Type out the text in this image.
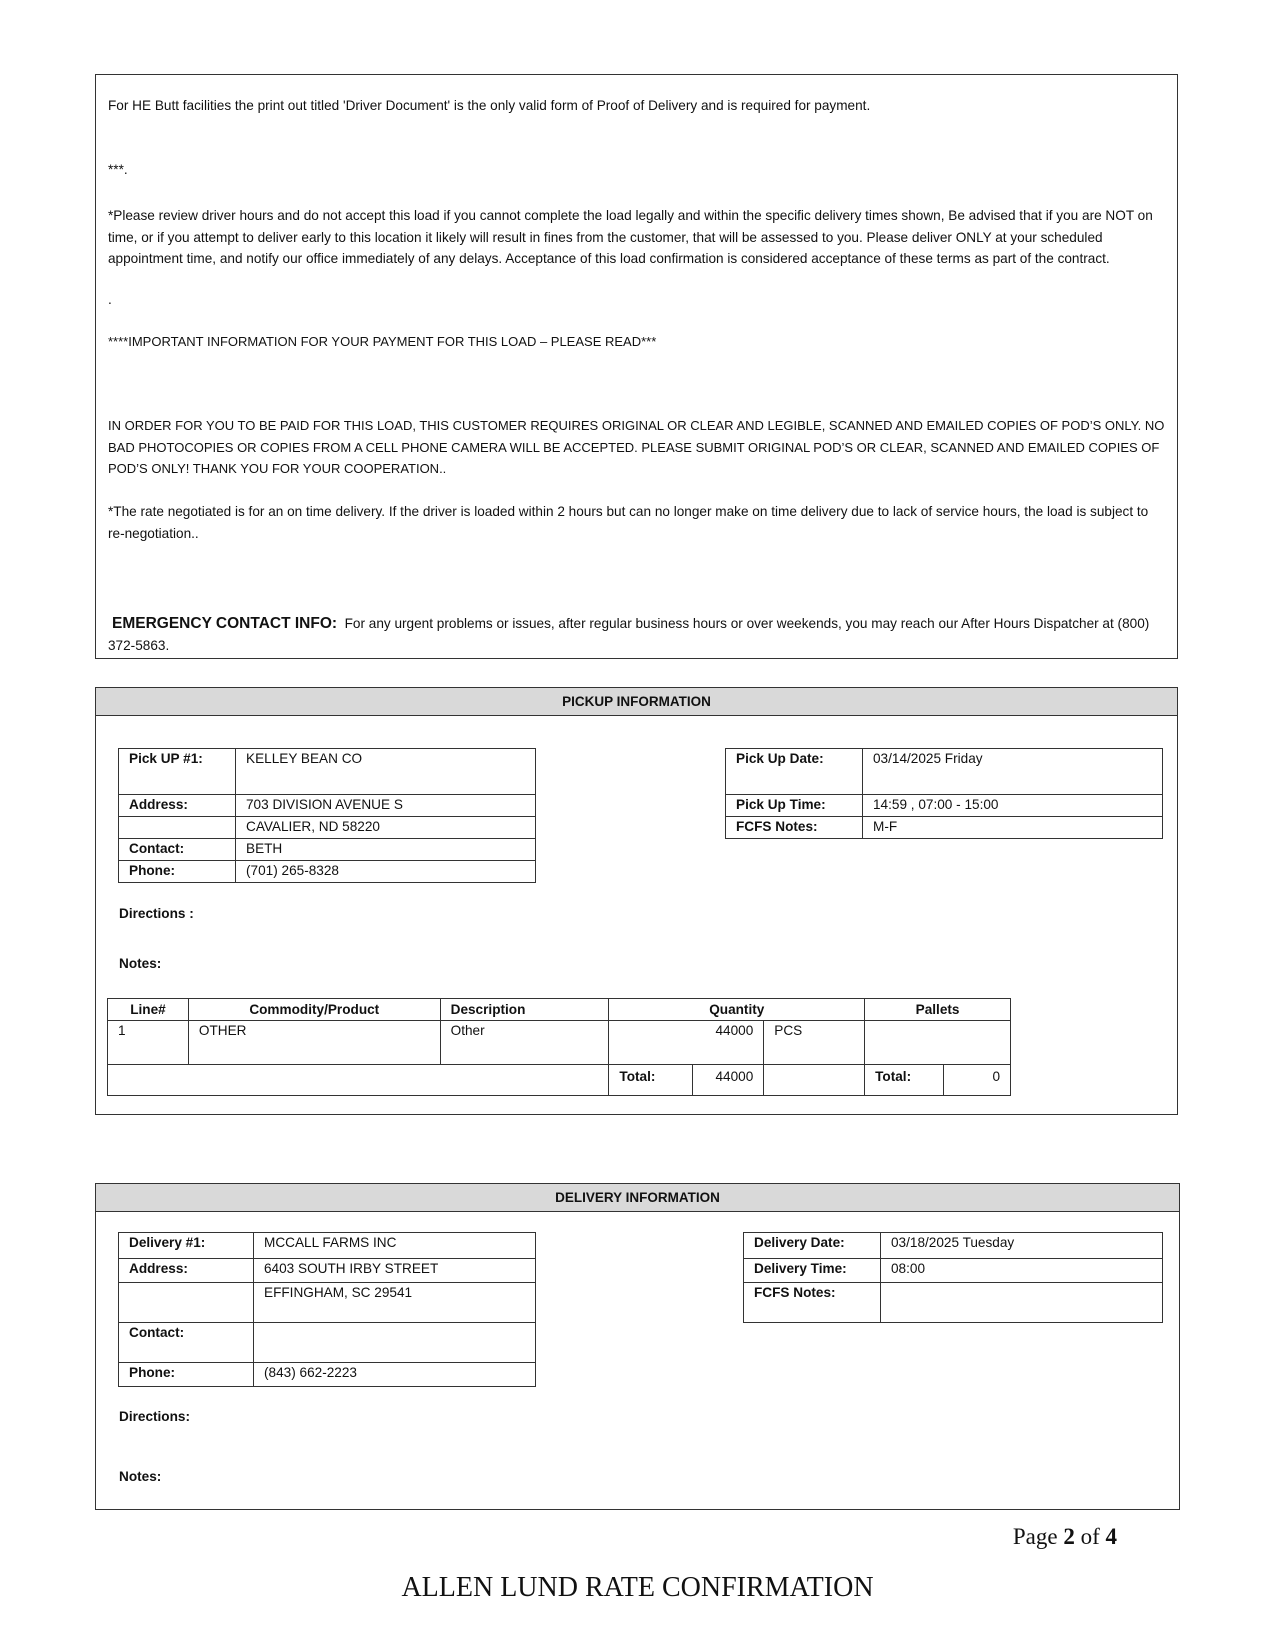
For HE Butt facilities the print out titled 'Driver Document' is the only valid form of Proof of Delivery and is required for payment.

***.

*Please review driver hours and do not accept this load if you cannot complete the load legally and within the specific delivery times shown, Be advised that if you are NOT on time, or if you attempt to deliver early to this location it likely will result in fines from the customer, that will be assessed to you. Please deliver ONLY at your scheduled appointment time, and notify our office immediately of any delays. Acceptance of this load confirmation is considered acceptance of these terms as part of the contract.

.

****IMPORTANT INFORMATION FOR YOUR PAYMENT FOR THIS LOAD – PLEASE READ***

IN ORDER FOR YOU TO BE PAID FOR THIS LOAD, THIS CUSTOMER REQUIRES ORIGINAL OR CLEAR AND LEGIBLE, SCANNED AND EMAILED COPIES OF POD’S ONLY. NO BAD PHOTOCOPIES OR COPIES FROM A CELL PHONE CAMERA WILL BE ACCEPTED. PLEASE SUBMIT ORIGINAL POD’S OR CLEAR, SCANNED AND EMAILED COPIES OF POD’S ONLY! THANK YOU FOR YOUR COOPERATION..

*The rate negotiated is for an on time delivery. If the driver is loaded within 2 hours but can no longer make on time delivery due to lack of service hours, the load is subject to re-negotiation..

EMERGENCY CONTACT INFO: For any urgent problems or issues, after regular business hours or over weekends, you may reach our After Hours Dispatcher at (800) 372-5863.

PICKUP INFORMATION
Pick UP #1:	KELLEY BEAN CO
Address:	703 DIVISION AVENUE S
	CAVALIER, ND 58220
Contact:	BETH
Phone:	(701) 265-8328
Pick Up Date:	03/14/2025 Friday
Pick Up Time:	14:59 , 07:00 - 15:00
FCFS Notes:	M-F
Directions :
Notes:
Line#	Commodity/Product	Description	Quantity			Pallets	
1	OTHER	Other	44000		PCS		
			Total:	44000		Total:	0
DELIVERY INFORMATION
Delivery #1:	MCCALL FARMS INC
Address:	6403 SOUTH IRBY STREET
	EFFINGHAM, SC 29541
Contact:	
Phone:	(843) 662-2223
Delivery Date:	03/18/2025 Tuesday
Delivery Time:	08:00
FCFS Notes:	
Directions:
Notes:
Page 2 of 4
ALLEN LUND RATE CONFIRMATION
